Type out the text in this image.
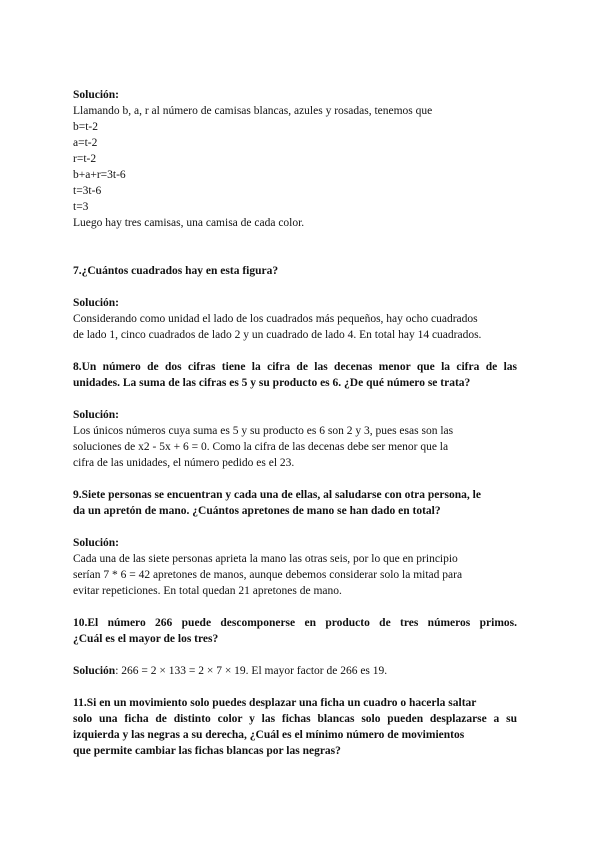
Solución:
Llamando b, a, r al número de camisas blancas, azules y rosadas, tenemos que
b=t-2
a=t-2
r=t-2
b+a+r=3t-6
t=3t-6
t=3
Luego hay tres camisas, una camisa de cada color.
7.¿Cuántos cuadrados hay en esta figura?
Solución:
Considerando como unidad el lado de los cuadrados más pequeños, hay ocho cuadrados
de lado 1, cinco cuadrados de lado 2 y un cuadrado de lado 4. En total hay 14 cuadrados.
8.Un número de dos cifras tiene la cifra de las decenas menor que la cifra de las
unidades. La suma de las cifras es 5 y su producto es 6. ¿De qué número se trata?
Solución:
Los únicos números cuya suma es 5 y su producto es 6 son 2 y 3, pues esas son las
soluciones de x2 - 5x + 6 = 0. Como la cifra de las decenas debe ser menor que la
cifra de las unidades, el número pedido es el 23.
9.Siete personas se encuentran y cada una de ellas, al saludarse con otra persona, le
da un apretón de mano. ¿Cuántos apretones de mano se han dado en total?
Solución:
Cada una de las siete personas aprieta la mano las otras seis, por lo que en principio
serían 7 * 6 = 42 apretones de manos, aunque debemos considerar solo la mitad para
evitar repeticiones. En total quedan 21 apretones de mano.
10.El número 266 puede descomponerse en producto de tres números primos.
¿Cuál es el mayor de los tres?
Solución: 266 = 2 × 133 = 2 × 7 × 19. El mayor factor de 266 es 19.
11.Si en un movimiento solo puedes desplazar una ficha un cuadro o hacerla saltar
solo una ficha de distinto color y las fichas blancas solo pueden desplazarse a su
izquierda y las negras a su derecha, ¿Cuál es el mínimo número de movimientos
que permite cambiar las fichas blancas por las negras?
